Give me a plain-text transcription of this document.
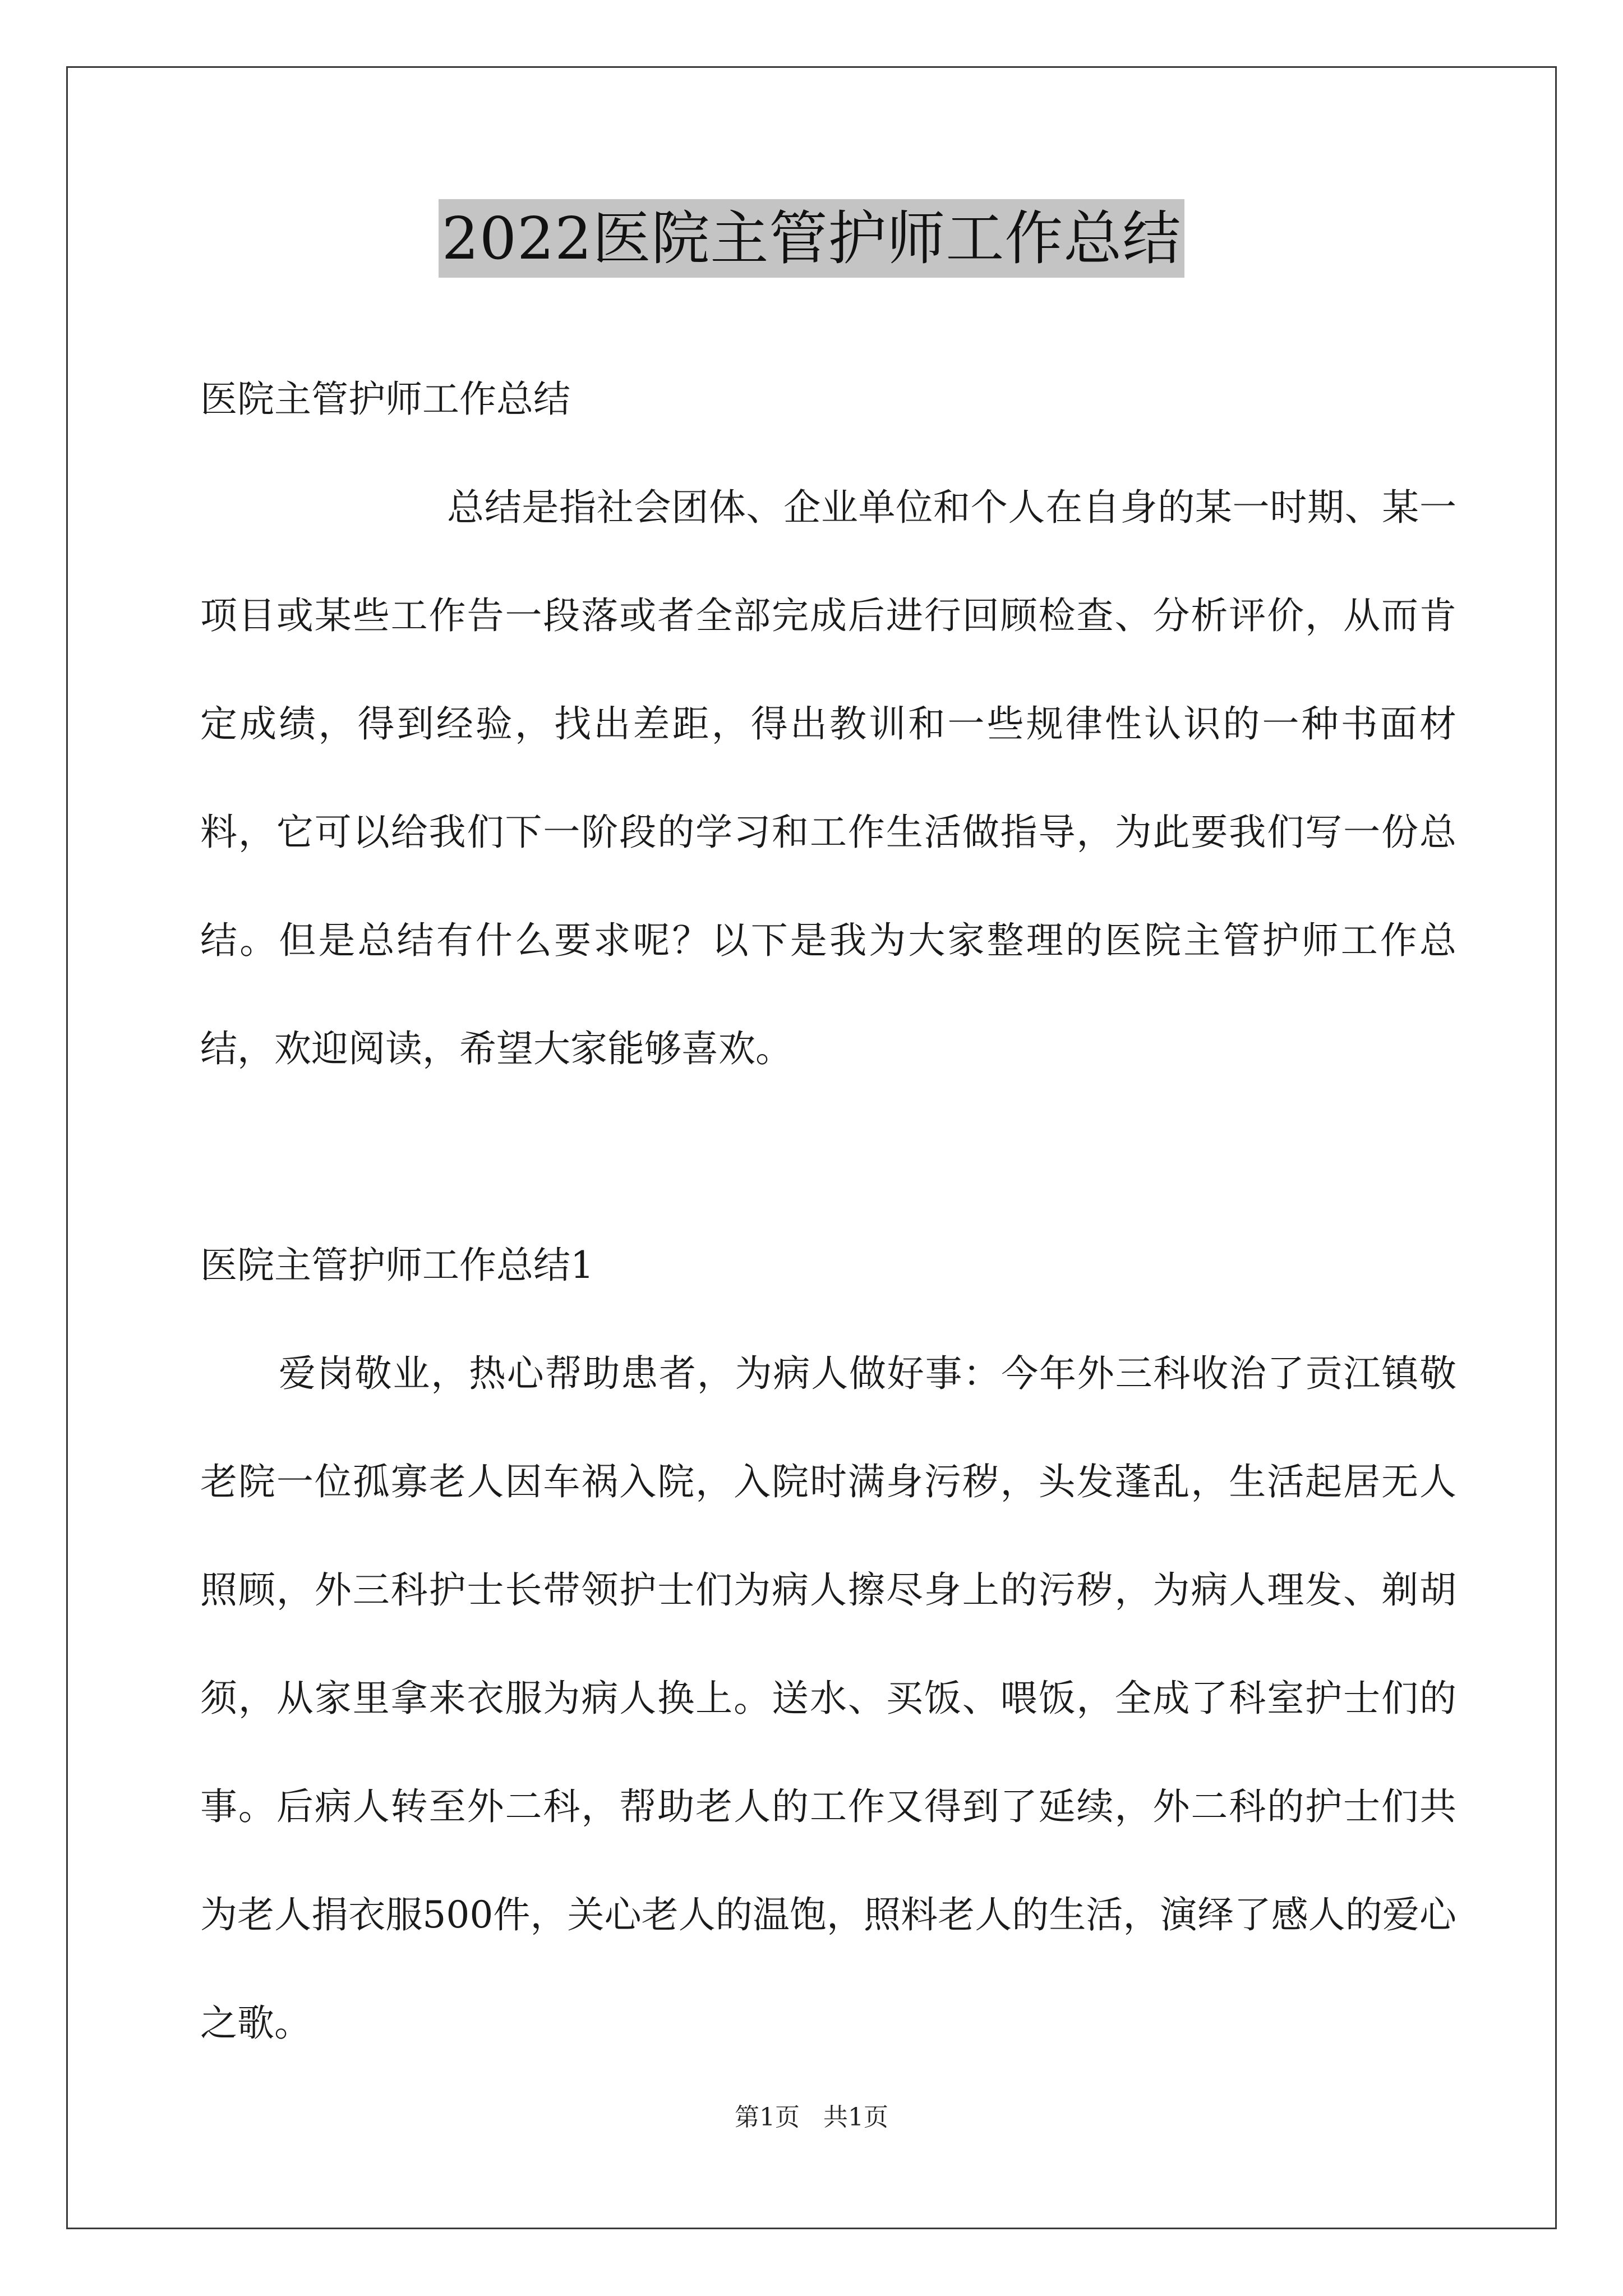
2022医院主管护师工作总结

医院主管护师工作总结

总结是指社会团体、企业单位和个人在自身的某一时期、某一项目或某些工作告一段落或者全部完成后进行回顾检查、分析评价，从而肯定成绩，得到经验，找出差距，得出教训和一些规律性认识的一种书面材料，它可以给我们下一阶段的学习和工作生活做指导，为此要我们写一份总结。但是总结有什么要求呢？以下是我为大家整理的医院主管护师工作总结，欢迎阅读，希望大家能够喜欢。

医院主管护师工作总结1

爱岗敬业，热心帮助患者，为病人做好事：今年外三科收治了贡江镇敬老院一位孤寡老人因车祸入院，入院时满身污秽，头发蓬乱，生活起居无人照顾，外三科护士长带领护士们为病人擦尽身上的污秽，为病人理发、剃胡须，从家里拿来衣服为病人换上。送水、买饭、喂饭，全成了科室护士们的事。后病人转至外二科，帮助老人的工作又得到了延续，外二科的护士们共为老人捐衣服500件，关心老人的温饱，照料老人的生活，演绎了感人的爱心之歌。

第1页 共1页
